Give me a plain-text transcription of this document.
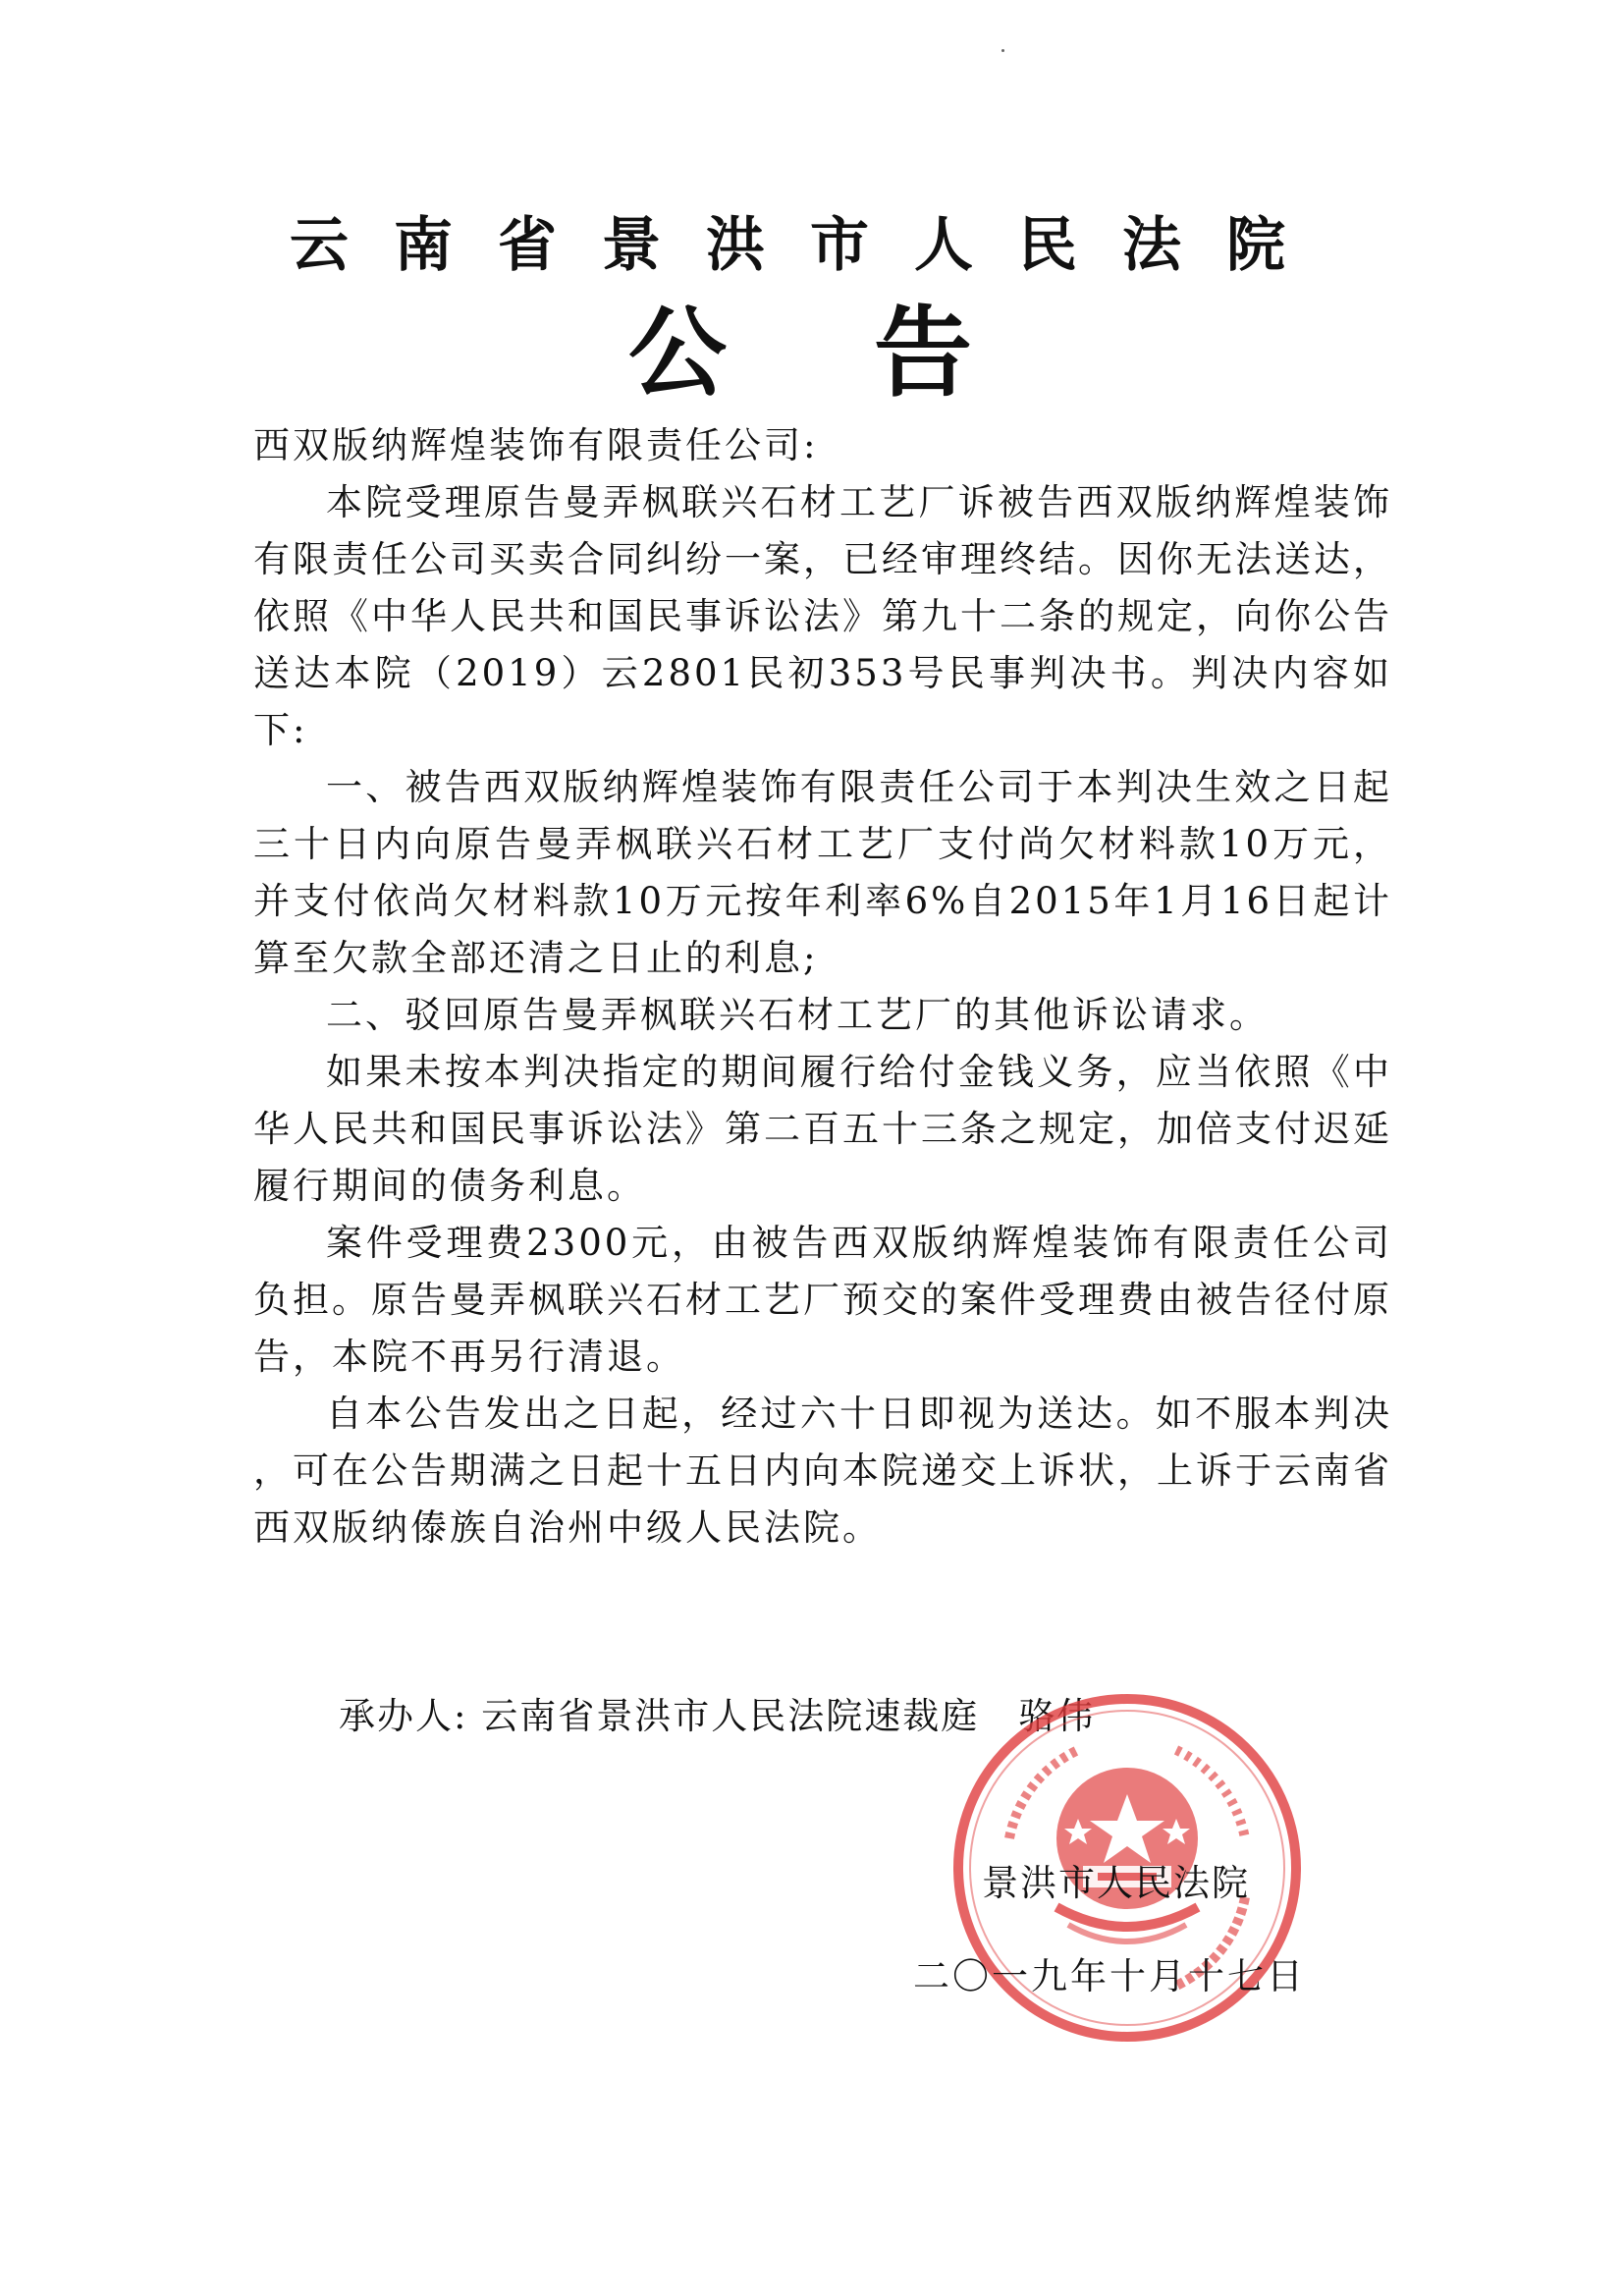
云南省景洪市人民法院
公告

西双版纳辉煌装饰有限责任公司:

本院受理原告曼弄枫联兴石材工艺厂诉被告西双版纳辉煌装饰有限责任公司买卖合同纠纷一案，已经审理终结。因你无法送达，依照《中华人民共和国民事诉讼法》第九十二条的规定，向你公告送达本院（2019）云2801民初353号民事判决书。判决内容如下:

一、被告西双版纳辉煌装饰有限责任公司于本判决生效之日起三十日内向原告曼弄枫联兴石材工艺厂支付尚欠材料款10万元，并支付依尚欠材料款10万元按年利率6%自2015年1月16日起计算至欠款全部还清之日止的利息;

二、驳回原告曼弄枫联兴石材工艺厂的其他诉讼请求。

如果未按本判决指定的期间履行给付金钱义务，应当依照《中华人民共和国民事诉讼法》第二百五十三条之规定，加倍支付迟延履行期间的债务利息。

案件受理费2300元，由被告西双版纳辉煌装饰有限责任公司负担。原告曼弄枫联兴石材工艺厂预交的案件受理费由被告径付原告，本院不再另行清退。

自本公告发出之日起，经过六十日即视为送达。如不服本判决 ，可在公告期满之日起十五日内向本院递交上诉状，上诉于云南省西双版纳傣族自治州中级人民法院。

承办人: 云南省景洪市人民法院速裁庭 骆伟
景洪市人民法院
二〇一九年十月十七日
